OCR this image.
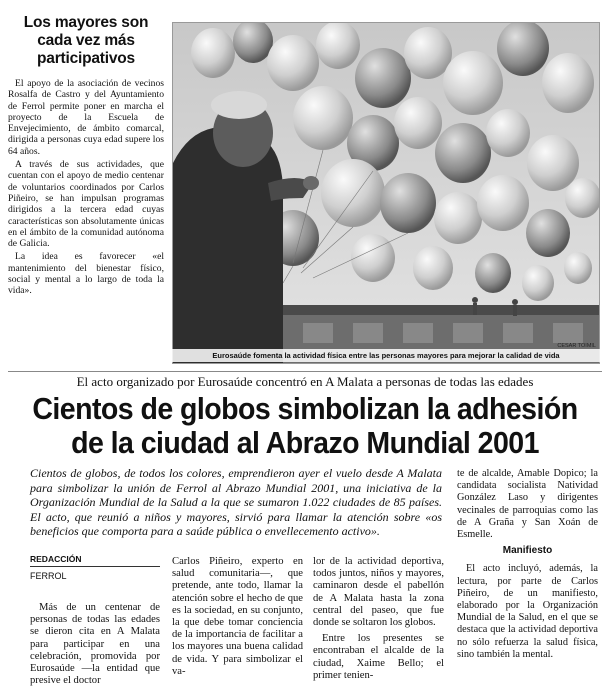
Los mayores son cada vez más participativos

El apoyo de la asociación de vecinos Rosalfa de Castro y del Ayuntamiento de Ferrol permite poner en marcha el proyecto de la Escuela de Envejecimiento, de ámbito comarcal, dirigida a personas cuya edad supere los 64 años.

A través de sus actividades, que cuentan con el apoyo de medio centenar de voluntarios coordinados por Carlos Piñeiro, se han impulsan programas dirigidos a la tercera edad cuyas características son absolutamente únicas en el ámbito de la comunidad autónoma de Galicia.

La idea es favorecer «el mantenimiento del bienestar físico, social y mental a lo largo de toda la vida».

CESAR TOIMIL
Eurosaúde fomenta la actividad física entre las personas mayores para mejorar la calidad de vida
El acto organizado por Eurosaúde concentró en A Malata a personas de todas las edades
Cientos de globos simbolizan la adhesión de la ciudad al Abrazo Mundial 2001

Cientos de globos, de todos los colores, emprendieron ayer el vuelo desde A Malata para simbolizar la unión de Ferrol al Abrazo Mundial 2001, una iniciativa de la Organización Mundial de la Salud a la que se sumaron 1.022 ciudades de 85 países. El acto, que reunió a niños y mayores, sirvió para llamar la atención sobre «os beneficios que comporta para a saúde pública o envellecemento activo».

REDACCIÓN
FERROL

Más de un centenar de personas de todas las edades se dieron cita en A Malata para participar en una celebración, promovida por Eurosaúde —la entidad que presive el doctor

Carlos Piñeiro, experto en salud comunitaria—, que pretende, ante todo, llamar la atención sobre el hecho de que es la sociedad, en su conjunto, la que debe tomar conciencia de la importancia de facilitar a los mayores una buena calidad de vida. Y para simbolizar el va-

lor de la actividad deportiva, todos juntos, niños y mayores, caminaron desde el pabellón de A Malata hasta la zona central del paseo, que fue donde se soltaron los globos.

Entre los presentes se encontraban el alcalde de la ciudad, Xaime Bello; el primer tenien-

te de alcalde, Amable Dopico; la candidata socialista Natividad González Laso y dirigentes vecinales de parroquias como las de A Graña y San Xoán de Esmelle.

Manifiesto

El acto incluyó, además, la lectura, por parte de Carlos Piñeiro, de un manifiesto, elaborado por la Organización Mundial de la Salud, en el que se destaca que la actividad deportiva no sólo refuerza la salud física, sino también la mental.
